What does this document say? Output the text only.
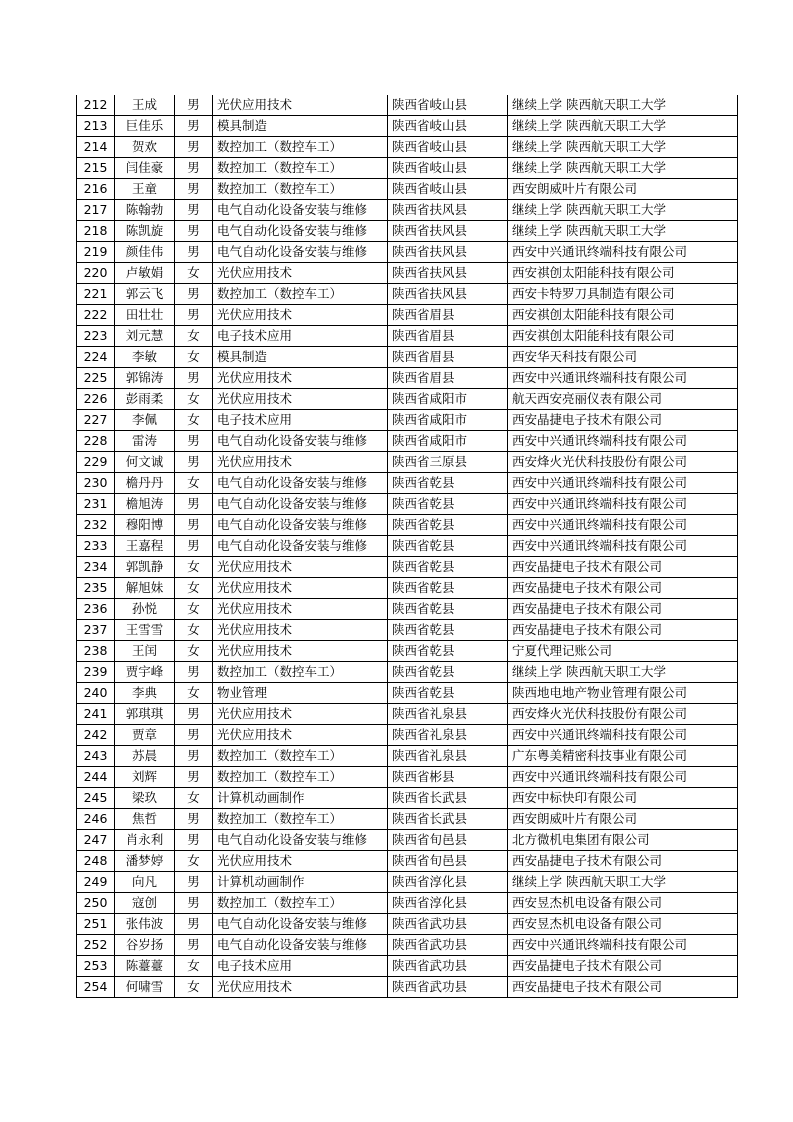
212	王成	男	光伏应用技术	陕西省岐山县	继续上学 陕西航天职工大学
213	巨佳乐	男	模具制造	陕西省岐山县	继续上学 陕西航天职工大学
214	贺欢	男	数控加工（数控车工）	陕西省岐山县	继续上学 陕西航天职工大学
215	闫佳豪	男	数控加工（数控车工）	陕西省岐山县	继续上学 陕西航天职工大学
216	王童	男	数控加工（数控车工）	陕西省岐山县	西安朗威叶片有限公司
217	陈翰勃	男	电气自动化设备安装与维修	陕西省扶风县	继续上学 陕西航天职工大学
218	陈凯旋	男	电气自动化设备安装与维修	陕西省扶风县	继续上学 陕西航天职工大学
219	颜佳伟	男	电气自动化设备安装与维修	陕西省扶风县	西安中兴通讯终端科技有限公司
220	卢敏娟	女	光伏应用技术	陕西省扶风县	西安祺创太阳能科技有限公司
221	郭云飞	男	数控加工（数控车工）	陕西省扶风县	西安卡特罗刀具制造有限公司
222	田壮壮	男	光伏应用技术	陕西省眉县	西安祺创太阳能科技有限公司
223	刘元慧	女	电子技术应用	陕西省眉县	西安祺创太阳能科技有限公司
224	李敏	女	模具制造	陕西省眉县	西安华天科技有限公司
225	郭锦涛	男	光伏应用技术	陕西省眉县	西安中兴通讯终端科技有限公司
226	彭雨柔	女	光伏应用技术	陕西省咸阳市	航天西安亮丽仪表有限公司
227	李佩	女	电子技术应用	陕西省咸阳市	西安晶捷电子技术有限公司
228	雷涛	男	电气自动化设备安装与维修	陕西省咸阳市	西安中兴通讯终端科技有限公司
229	何文诚	男	光伏应用技术	陕西省三原县	西安烽火光伏科技股份有限公司
230	檐丹丹	女	电气自动化设备安装与维修	陕西省乾县	西安中兴通讯终端科技有限公司
231	檐旭涛	男	电气自动化设备安装与维修	陕西省乾县	西安中兴通讯终端科技有限公司
232	穆阳博	男	电气自动化设备安装与维修	陕西省乾县	西安中兴通讯终端科技有限公司
233	王嘉程	男	电气自动化设备安装与维修	陕西省乾县	西安中兴通讯终端科技有限公司
234	郭凯静	女	光伏应用技术	陕西省乾县	西安晶捷电子技术有限公司
235	解旭妹	女	光伏应用技术	陕西省乾县	西安晶捷电子技术有限公司
236	孙悦	女	光伏应用技术	陕西省乾县	西安晶捷电子技术有限公司
237	王雪雪	女	光伏应用技术	陕西省乾县	西安晶捷电子技术有限公司
238	王闰	女	光伏应用技术	陕西省乾县	宁夏代理记账公司
239	贾宇峰	男	数控加工（数控车工）	陕西省乾县	继续上学 陕西航天职工大学
240	李典	女	物业管理	陕西省乾县	陕西地电地产物业管理有限公司
241	郭琪琪	男	光伏应用技术	陕西省礼泉县	西安烽火光伏科技股份有限公司
242	贾章	男	光伏应用技术	陕西省礼泉县	西安中兴通讯终端科技有限公司
243	苏晨	男	数控加工（数控车工）	陕西省礼泉县	广东粤美精密科技事业有限公司
244	刘辉	男	数控加工（数控车工）	陕西省彬县	西安中兴通讯终端科技有限公司
245	梁玖	女	计算机动画制作	陕西省长武县	西安中标快印有限公司
246	焦哲	男	数控加工（数控车工）	陕西省长武县	西安朗威叶片有限公司
247	肖永利	男	电气自动化设备安装与维修	陕西省旬邑县	北方微机电集团有限公司
248	潘梦婷	女	光伏应用技术	陕西省旬邑县	西安晶捷电子技术有限公司
249	向凡	男	计算机动画制作	陕西省淳化县	继续上学 陕西航天职工大学
250	寇创	男	数控加工（数控车工）	陕西省淳化县	西安昱杰机电设备有限公司
251	张伟波	男	电气自动化设备安装与维修	陕西省武功县	西安昱杰机电设备有限公司
252	谷岁扬	男	电气自动化设备安装与维修	陕西省武功县	西安中兴通讯终端科技有限公司
253	陈薹薹	女	电子技术应用	陕西省武功县	西安晶捷电子技术有限公司
254	何啸雪	女	光伏应用技术	陕西省武功县	西安晶捷电子技术有限公司
